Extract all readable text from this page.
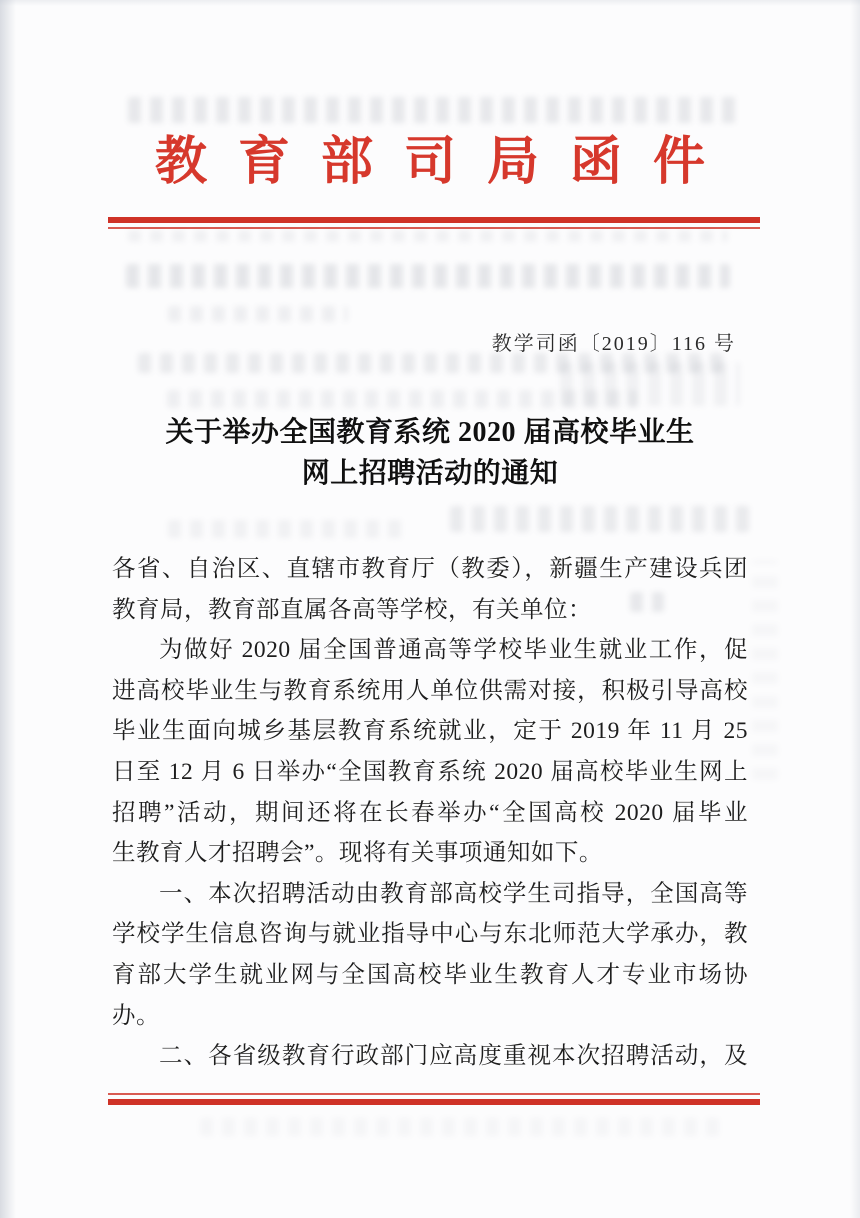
教育部司局函件
教学司函〔2019〕116 号
关于举办全国教育系统 2020 届高校毕业生
网上招聘活动的通知
各省、自治区、直辖市教育厅（教委），新疆生产建设兵团
教育局，教育部直属各高等学校，有关单位：
为做好 2020 届全国普通高等学校毕业生就业工作，促
进高校毕业生与教育系统用人单位供需对接，积极引导高校
毕业生面向城乡基层教育系统就业，定于 2019 年 11 月 25
日至 12 月 6 日举办“全国教育系统 2020 届高校毕业生网上
招聘”活动，期间还将在长春举办“全国高校 2020 届毕业
生教育人才招聘会”。现将有关事项通知如下。
一、本次招聘活动由教育部高校学生司指导，全国高等
学校学生信息咨询与就业指导中心与东北师范大学承办，教
育部大学生就业网与全国高校毕业生教育人才专业市场协
办。
二、各省级教育行政部门应高度重视本次招聘活动，及
